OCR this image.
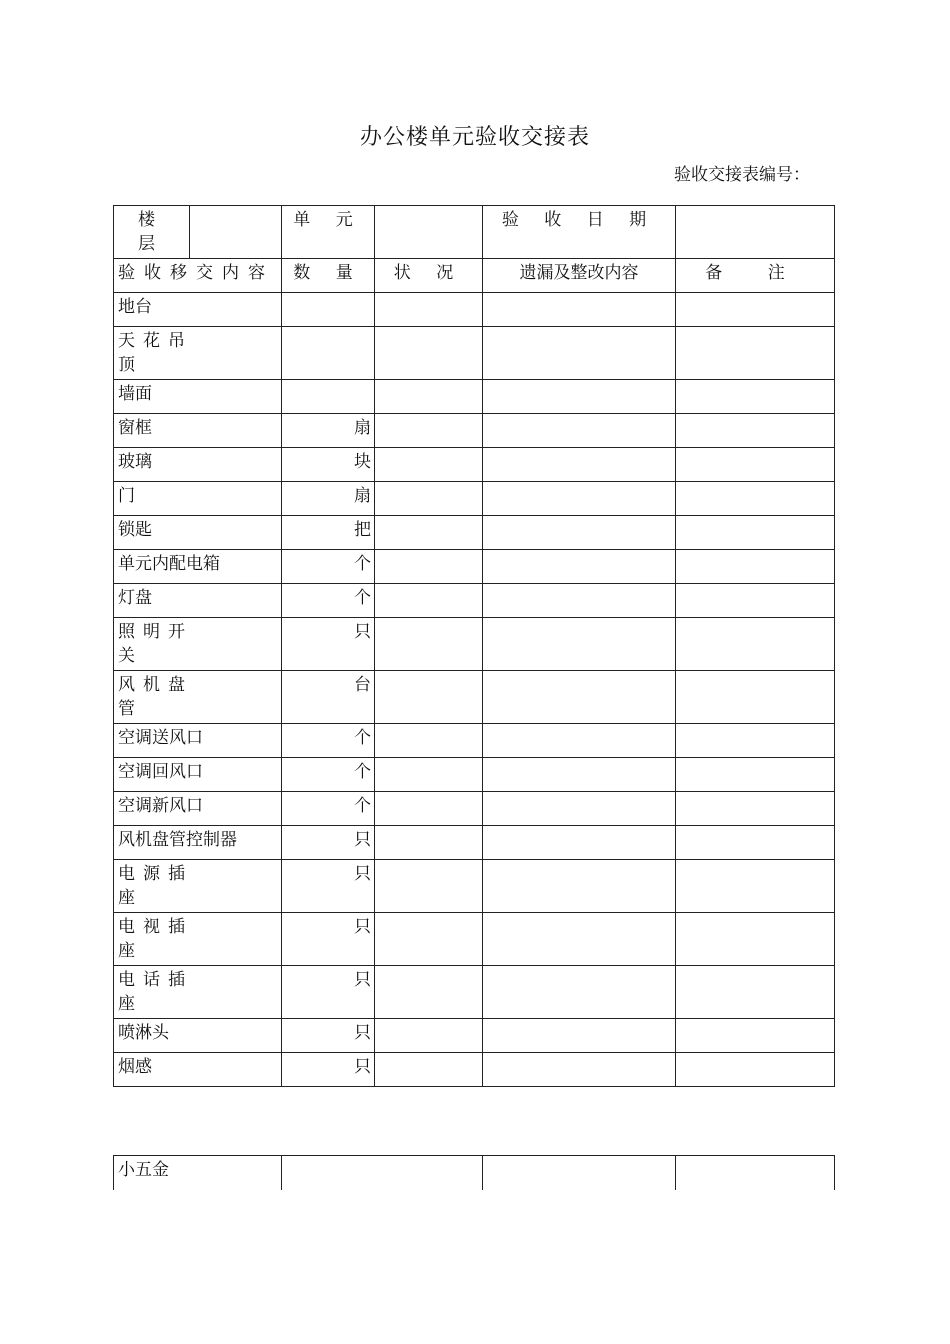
办公楼单元验收交接表
验收交接表编号：
楼 层		单 元		验 收 日 期	
验收移交内容		数 量	状 况	遗漏及整改内容	备 注

地台					

天花吊顶					

墙面					

窗框		扇			

玻璃		块			

门		扇			

锁匙		把			

单元内配电箱		个			

灯盘		个			

照明开关		只			

风机盘管		台			

空调送风口		个			

空调回风口		个			

空调新风口		个			

风机盘管控制器		只			

电源插座		只			

电视插座		只			

电话插座		只			

喷淋头		只			

烟感		只			
小五金			
